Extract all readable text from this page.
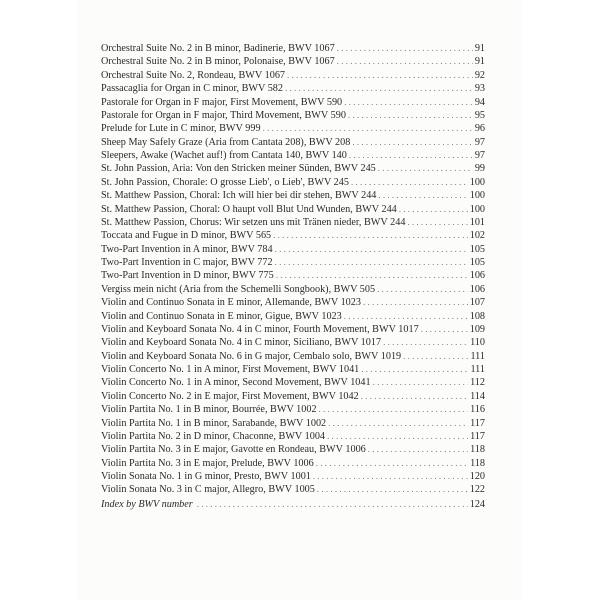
Orchestral Suite No. 2 in B minor, Badinerie, BWV 1067 . . .	91
Orchestral Suite No. 2 in B minor, Polonaise, BWV 1067 . . .	91
Orchestral Suite No. 2, Rondeau, BWV 1067 . . .	92
Passacaglia for Organ in C minor, BWV 582 . . .	93
Pastorale for Organ in F major, First Movement, BWV 590 . . .	94
Pastorale for Organ in F major, Third Movement, BWV 590 . . .	95
Prelude for Lute in C minor, BWV 999 . . .	96
Sheep May Safely Graze (Aria from Cantata 208), BWV 208 . . .	97
Sleepers, Awake (Wachet auf!) from Cantata 140, BWV 140 . . .	97
St. John Passion, Aria: Von den Stricken meiner Sünden, BWV 245 . . .	99
St. John Passion, Chorale: O grosse Lieb', o Lieb', BWV 245 . . .	100
St. Matthew Passion, Choral: Ich will hier bei dir stehen, BWV 244 . . .	100
St. Matthew Passion, Choral: O haupt voll Blut Und Wunden, BWV 244 . . .	100
St. Matthew Passion, Chorus: Wir setzen uns mit Tränen nieder, BWV 244 . . .	101
Toccata and Fugue in D minor, BWV 565 . . .	102
Two-Part Invention in A minor, BWV 784 . . .	105
Two-Part Invention in C major, BWV 772 . . .	105
Two-Part Invention in D minor, BWV 775 . . .	106
Vergiss mein nicht (Aria from the Schemelli Songbook), BWV 505 . . .	106
Violin and Continuo Sonata in E minor, Allemande, BWV 1023 . . .	107
Violin and Continuo Sonata in E minor, Gigue, BWV 1023 . . .	108
Violin and Keyboard Sonata No. 4 in C minor, Fourth Movement, BWV 1017 . . .	109
Violin and Keyboard Sonata No. 4 in C minor, Siciliano, BWV 1017 . . .	110
Violin and Keyboard Sonata No. 6 in G major, Cembalo solo, BWV 1019 . . .	111
Violin Concerto No. 1 in A minor, First Movement, BWV 1041 . . .	111
Violin Concerto No. 1 in A minor, Second Movement, BWV 1041 . . .	112
Violin Concerto No. 2 in E major, First Movement, BWV 1042 . . .	114
Violin Partita No. 1 in B minor, Bourrée, BWV 1002 . . .	116
Violin Partita No. 1 in B minor, Sarabande, BWV 1002 . . .	117
Violin Partita No. 2 in D minor, Chaconne, BWV 1004 . . .	117
Violin Partita No. 3 in E major, Gavotte en Rondeau, BWV 1006 . . .	118
Violin Partita No. 3 in E major, Prelude, BWV 1006 . . .	118
Violin Sonata No. 1 in G minor, Presto, BWV 1001 . . .	120
Violin Sonata No. 3 in C major, Allegro, BWV 1005 . . .	122
Index by BWV number . . .	124
